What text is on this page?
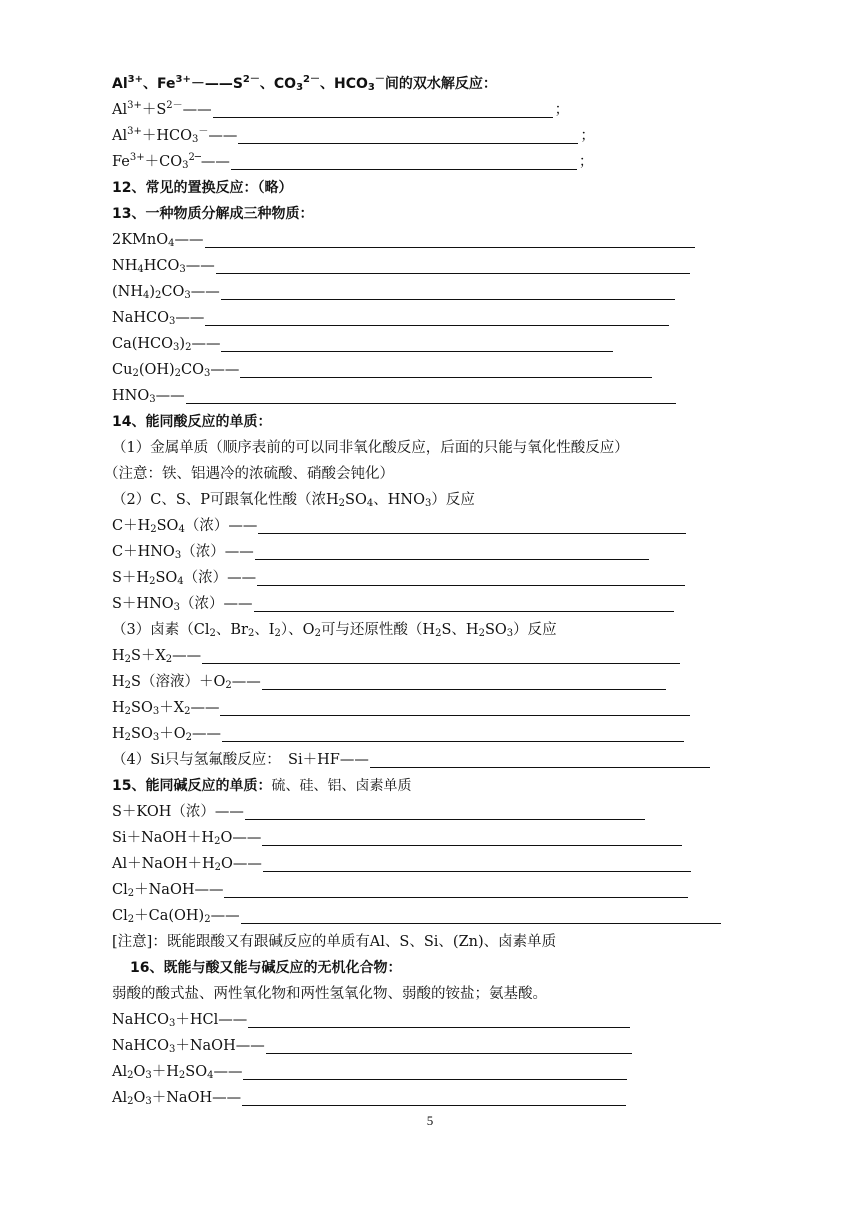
$Al^{3+}$、$Fe^{3+}-——S^{2-}$、$CO_3^{2-}$、$HCO_3^-$间的双水解反应：
$Al^{3+}+S^{2-}——$	；
$Al^{3+}+HCO_3^-——$	；
$Fe^{3+}+CO_3^{2─}——$	；
12、常见的置换反应：（略）
13、一种物质分解成三种物质：
2KMnO$_4$——
$NH_4HCO_3——$
$(NH_4)_2CO_3——$
NaHCO$_3$——
$Ca(HCO_3)_2——$
$Cu_2(OH)_2CO_3——$
$HNO_3——$
14、能同酸反应的单质：
（1）金属单质（顺序表前的可以同非氧化酸反应，后面的只能与氧化性酸反应）
（注意：铁、铝遇冷的浓硫酸、硝酸会钝化）
（2）C、S、P可跟氧化性酸（浓$H_2SO_4$、$HNO_3$）反应
$C+H_2SO_4$（浓）——
$C+HNO_3$（浓）——
$S+H_2SO_4$（浓）——
$S+HNO_3$（浓）——
（3）卤素（$Cl_2$、$Br_2$、$I_2$）、$O_2$可与还原性酸（$H_2S$、$H_2SO_3$）反应
$H_2S+X_2——$
$H_2S$（溶液）$+O_2——$
$H_2SO_3+X_2——$
$H_2SO_3+O_2——$
（4）Si只与氢氟酸反应：　Si＋HF——
15、能同碱反应的单质： 硫、硅、铝、卤素单质
S＋KOH（浓）——
$Si+NaOH+H_2O——$
$Al+NaOH+H_2O——$
$Cl_2+NaOH——$
$Cl_2+Ca(OH)_2——$
[注意]：既能跟酸又有跟碱反应的单质有Al、S、Si、(Zn)、卤素单质
16、既能与酸又能与碱反应的无机化合物：
弱酸的酸式盐、两性氧化物和两性氢氧化物、弱酸的铵盐；氨基酸。
NaHCO$_3$＋HCl——
NaHCO$_3$＋NaOH——
$Al_2O_3+H_2SO_4——$
$Al_2O_3+NaOH——$
5
